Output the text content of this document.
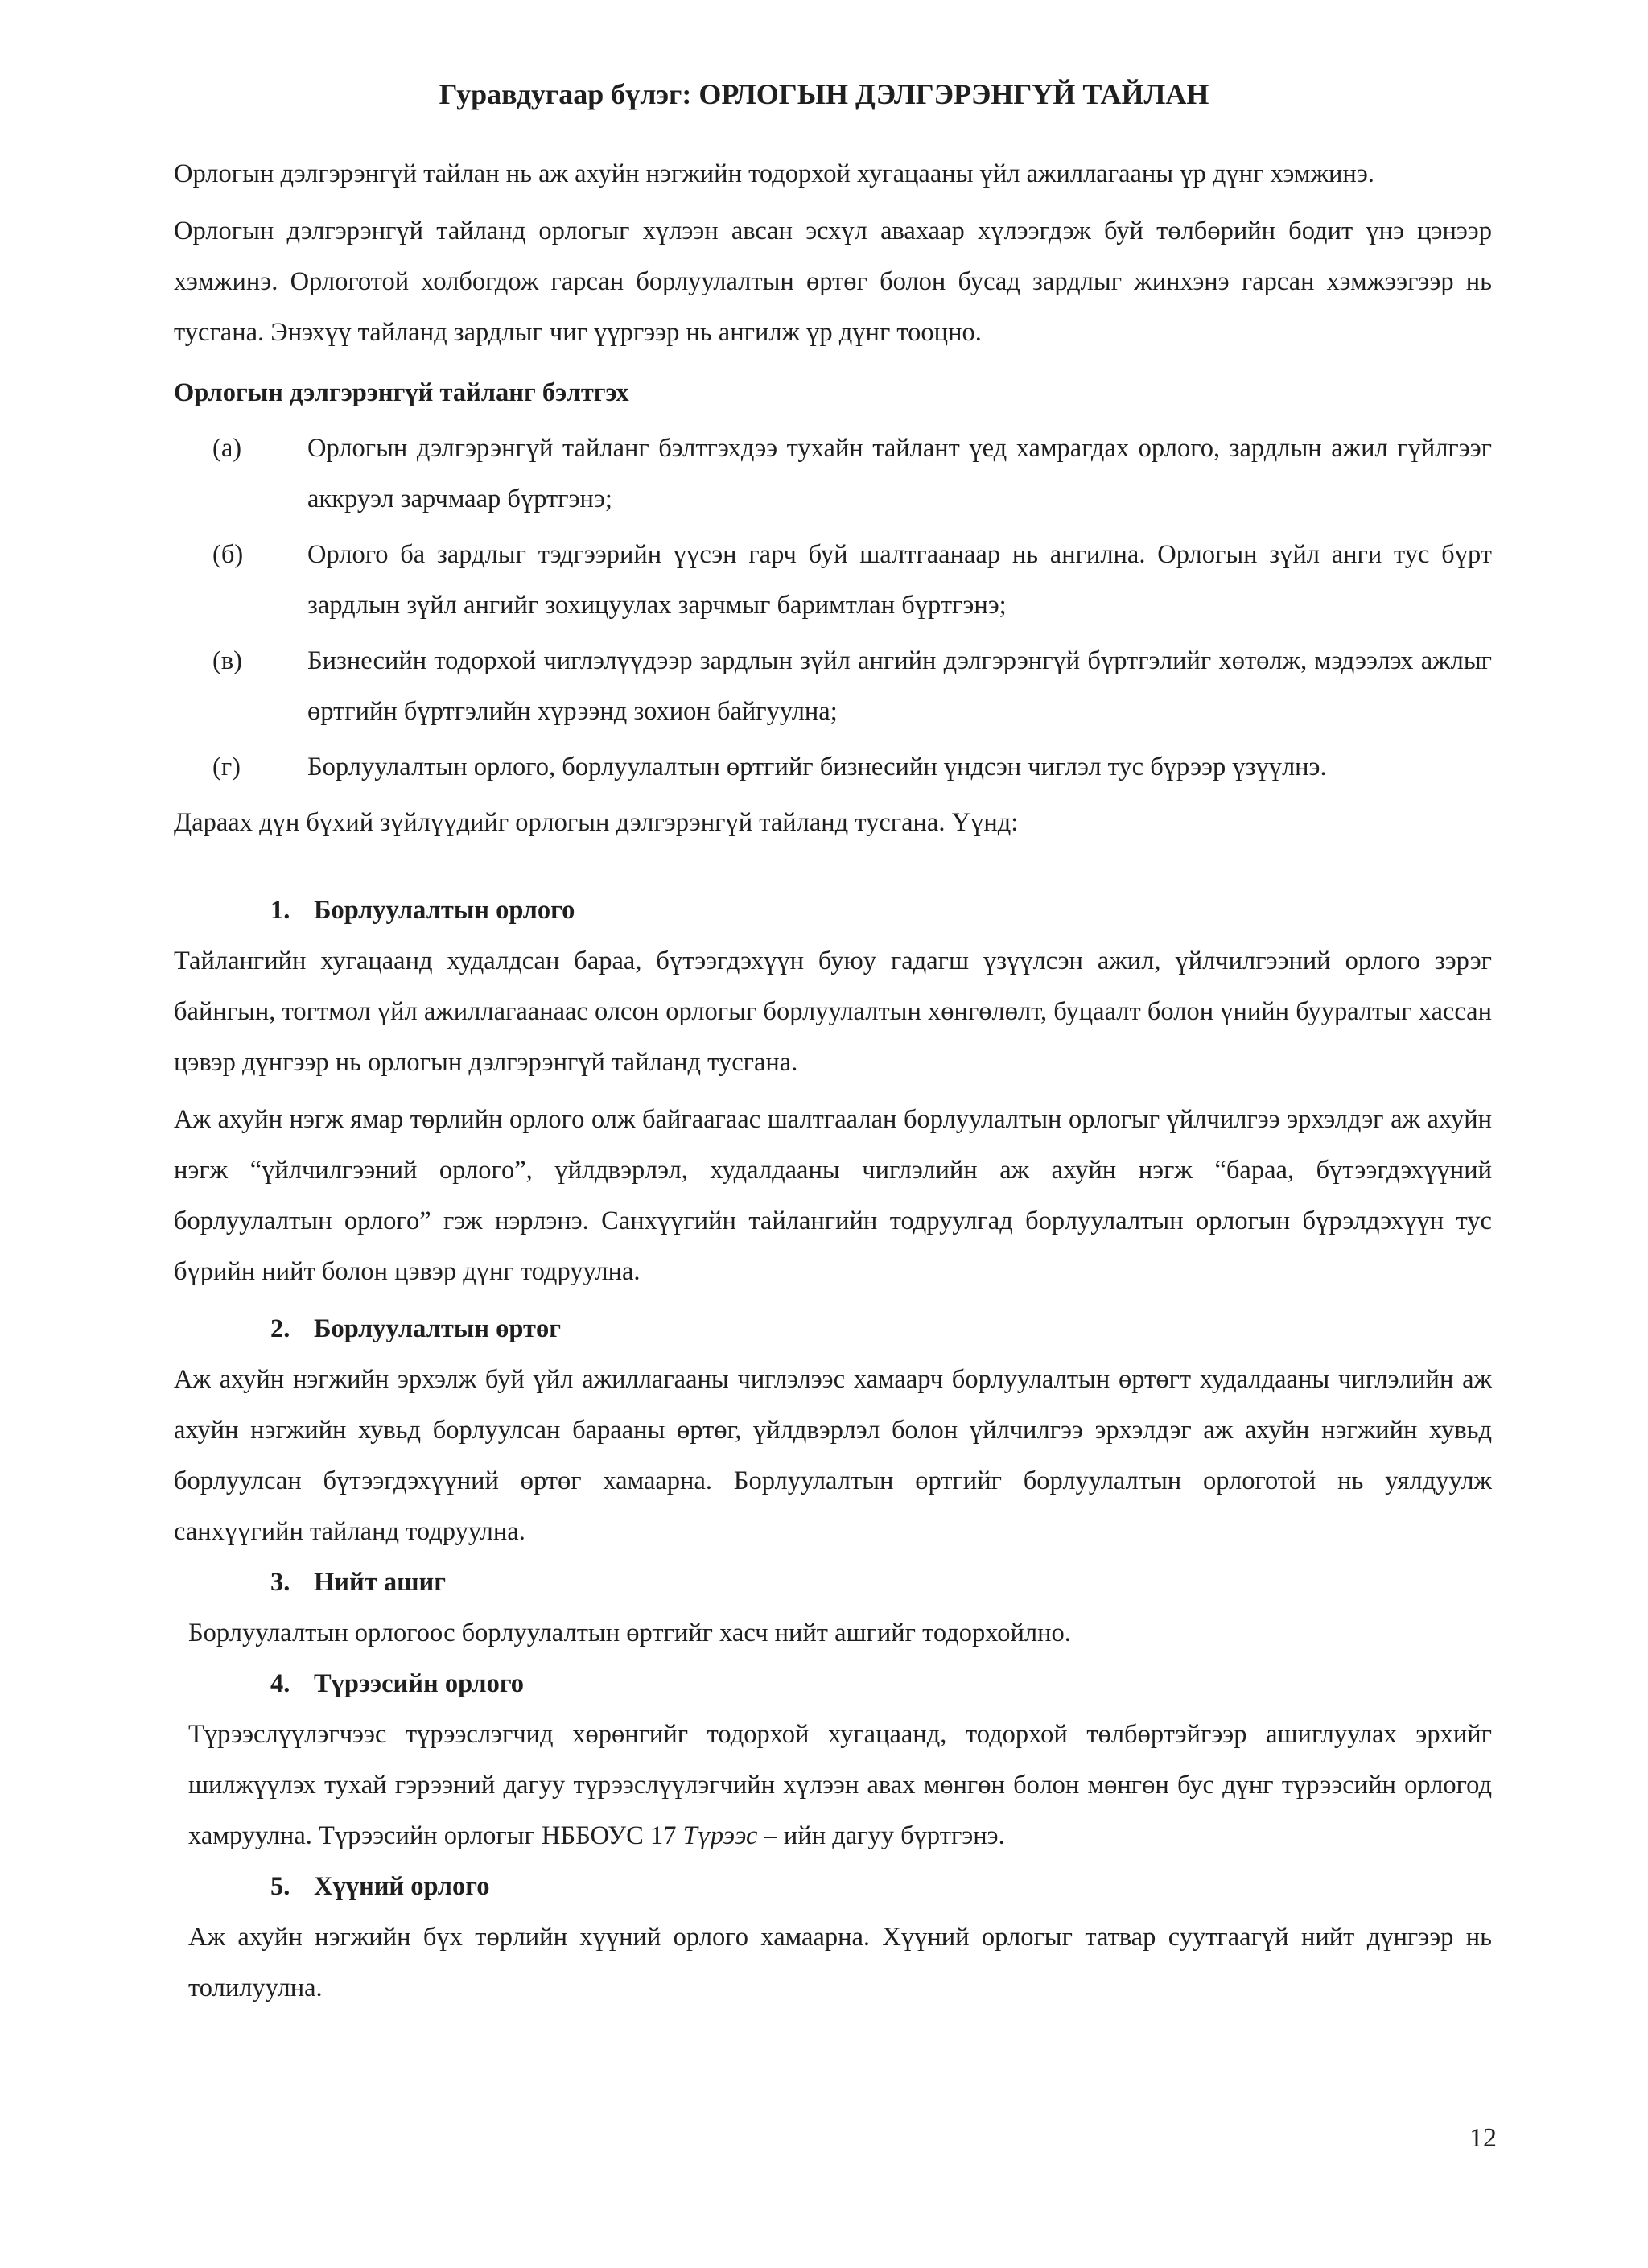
Гуравдугаар бүлэг: ОРЛОГЫН ДЭЛГЭРЭНГҮЙ ТАЙЛАН

Орлогын дэлгэрэнгүй тайлан нь аж ахуйн нэгжийн тодорхой хугацааны үйл ажиллагааны үр дүнг хэмжинэ.

Орлогын дэлгэрэнгүй тайланд орлогыг хүлээн авсан эсхүл авахаар хүлээгдэж буй төлбөрийн бодит үнэ цэнээр хэмжинэ. Орлоготой холбогдож гарсан борлуулалтын өртөг болон бусад зардлыг жинхэнэ гарсан хэмжээгээр нь тусгана. Энэхүү тайланд зардлыг чиг үүргээр нь ангилж үр дүнг тооцно.

Орлогын дэлгэрэнгүй тайланг бэлтгэх
(а)	Орлогын дэлгэрэнгүй тайланг бэлтгэхдээ тухайн тайлант үед хамрагдах орлого, зардлын ажил гүйлгээг аккруэл зарчмаар бүртгэнэ;
(б)	Орлого ба зардлыг тэдгээрийн үүсэн гарч буй шалтгаанаар нь ангилна. Орлогын зүйл анги тус бүрт зардлын зүйл ангийг зохицуулах зарчмыг баримтлан бүртгэнэ;
(в)	Бизнесийн тодорхой чиглэлүүдээр зардлын зүйл ангийн дэлгэрэнгүй бүртгэлийг хөтөлж, мэдээлэх ажлыг өртгийн бүртгэлийн хүрээнд зохион байгуулна;
(г)	Борлуулалтын орлого, борлуулалтын өртгийг бизнесийн үндсэн чиглэл тус бүрээр үзүүлнэ.

Дараах дүн бүхий зүйлүүдийг орлогын дэлгэрэнгүй тайланд тусгана. Үүнд:

1. Борлуулалтын орлого

Тайлангийн хугацаанд худалдсан бараа, бүтээгдэхүүн буюу гадагш үзүүлсэн ажил, үйлчилгээний орлого зэрэг байнгын, тогтмол үйл ажиллагаанаас олсон орлогыг борлуулалтын хөнгөлөлт, буцаалт болон үнийн бууралтыг хассан цэвэр дүнгээр нь орлогын дэлгэрэнгүй тайланд тусгана.

Аж ахуйн нэгж ямар төрлийн орлого олж байгаагаас шалтгаалан борлуулалтын орлогыг үйлчилгээ эрхэлдэг аж ахуйн нэгж “үйлчилгээний орлого”, үйлдвэрлэл, худалдааны чиглэлийн аж ахуйн нэгж “бараа, бүтээгдэхүүний борлуулалтын орлого” гэж нэрлэнэ. Санхүүгийн тайлангийн тодруулгад борлуулалтын орлогын бүрэлдэхүүн тус бүрийн нийт болон цэвэр дүнг тодруулна.

2. Борлуулалтын өртөг

Аж ахуйн нэгжийн эрхэлж буй үйл ажиллагааны чиглэлээс хамаарч борлуулалтын өртөгт худалдааны чиглэлийн аж ахуйн нэгжийн хувьд борлуулсан барааны өртөг, үйлдвэрлэл болон үйлчилгээ эрхэлдэг аж ахуйн нэгжийн хувьд борлуулсан бүтээгдэхүүний өртөг хамаарна. Борлуулалтын өртгийг борлуулалтын орлоготой нь уялдуулж санхүүгийн тайланд тодруулна.

3. Нийт ашиг

Борлуулалтын орлогоос борлуулалтын өртгийг хасч нийт ашгийг тодорхойлно.

4. Түрээсийн орлого

Түрээслүүлэгчээс түрээслэгчид хөрөнгийг тодорхой хугацаанд, тодорхой төлбөртэйгээр ашиглуулах эрхийг шилжүүлэх тухай гэрээний дагуу түрээслүүлэгчийн хүлээн авах мөнгөн болон мөнгөн бус дүнг түрээсийн орлогод хамруулна. Түрээсийн орлогыг НББОУС 17 Түрээс – ийн дагуу бүртгэнэ.

5. Хүүний орлого

Аж ахуйн нэгжийн бүх төрлийн хүүний орлого хамаарна. Хүүний орлогыг татвар суутгаагүй нийт дүнгээр нь толилуулна.

12
